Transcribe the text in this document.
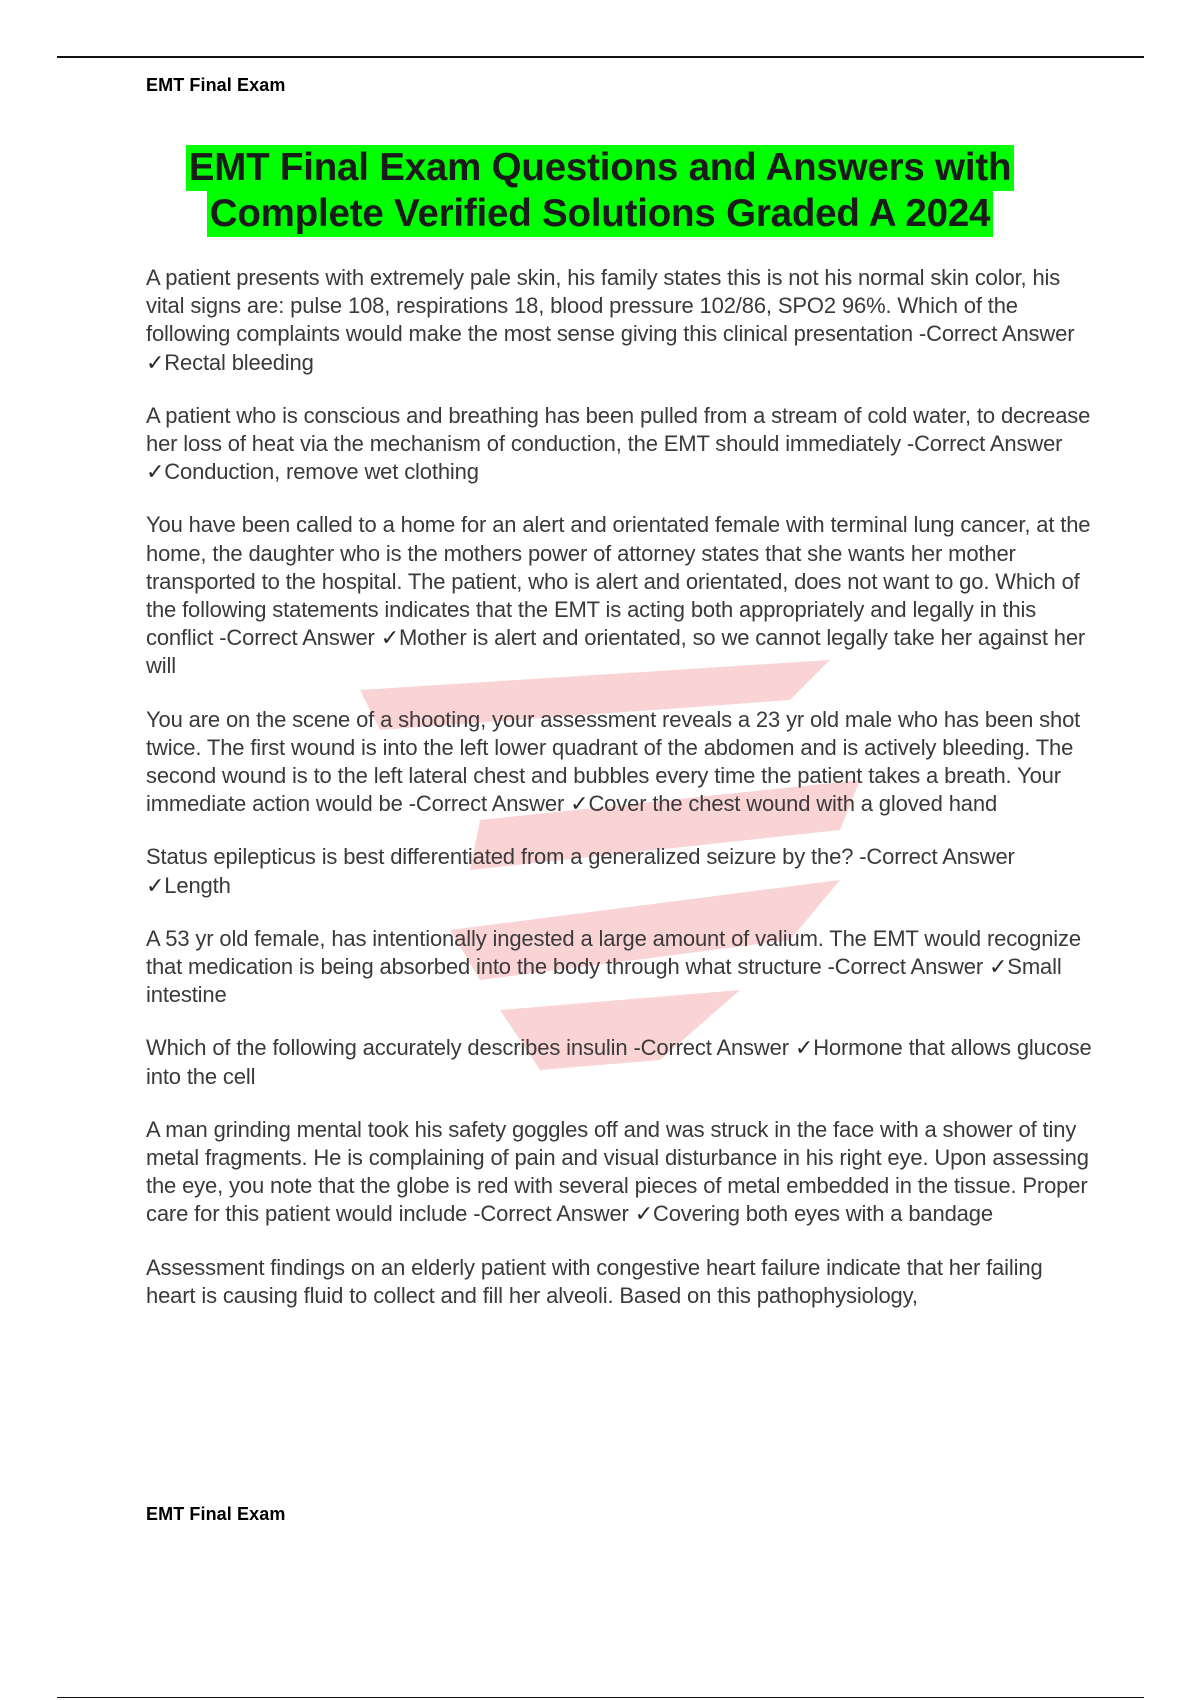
EMT Final Exam
EMT Final Exam Questions and Answers with
Complete Verified Solutions Graded A 2024
A patient presents with extremely pale skin, his family states this is not his normal skin color, his vital signs are: pulse 108, respirations 18, blood pressure 102/86, SPO2 96%. Which of the following complaints would make the most sense giving this clinical presentation -Correct Answer ✓Rectal bleeding
A patient who is conscious and breathing has been pulled from a stream of cold water, to decrease her loss of heat via the mechanism of conduction, the EMT should immediately -Correct Answer ✓Conduction, remove wet clothing
You have been called to a home for an alert and orientated female with terminal lung cancer, at the home, the daughter who is the mothers power of attorney states that she wants her mother transported to the hospital. The patient, who is alert and orientated, does not want to go. Which of the following statements indicates that the EMT is acting both appropriately and legally in this conflict -Correct Answer ✓Mother is alert and orientated, so we cannot legally take her against her will
You are on the scene of a shooting, your assessment reveals a 23 yr old male who has been shot twice. The first wound is into the left lower quadrant of the abdomen and is actively bleeding. The second wound is to the left lateral chest and bubbles every time the patient takes a breath. Your immediate action would be -Correct Answer ✓Cover the chest wound with a gloved hand
Status epilepticus is best differentiated from a generalized seizure by the? -Correct Answer ✓Length
A 53 yr old female, has intentionally ingested a large amount of valium. The EMT would recognize that medication is being absorbed into the body through what structure -Correct Answer ✓Small intestine
Which of the following accurately describes insulin -Correct Answer ✓Hormone that allows glucose into the cell
A man grinding mental took his safety goggles off and was struck in the face with a shower of tiny metal fragments. He is complaining of pain and visual disturbance in his right eye. Upon assessing the eye, you note that the globe is red with several pieces of metal embedded in the tissue. Proper care for this patient would include -Correct Answer ✓Covering both eyes with a bandage
Assessment findings on an elderly patient with congestive heart failure indicate that her failing heart is causing fluid to collect and fill her alveoli. Based on this pathophysiology,
EMT Final Exam
